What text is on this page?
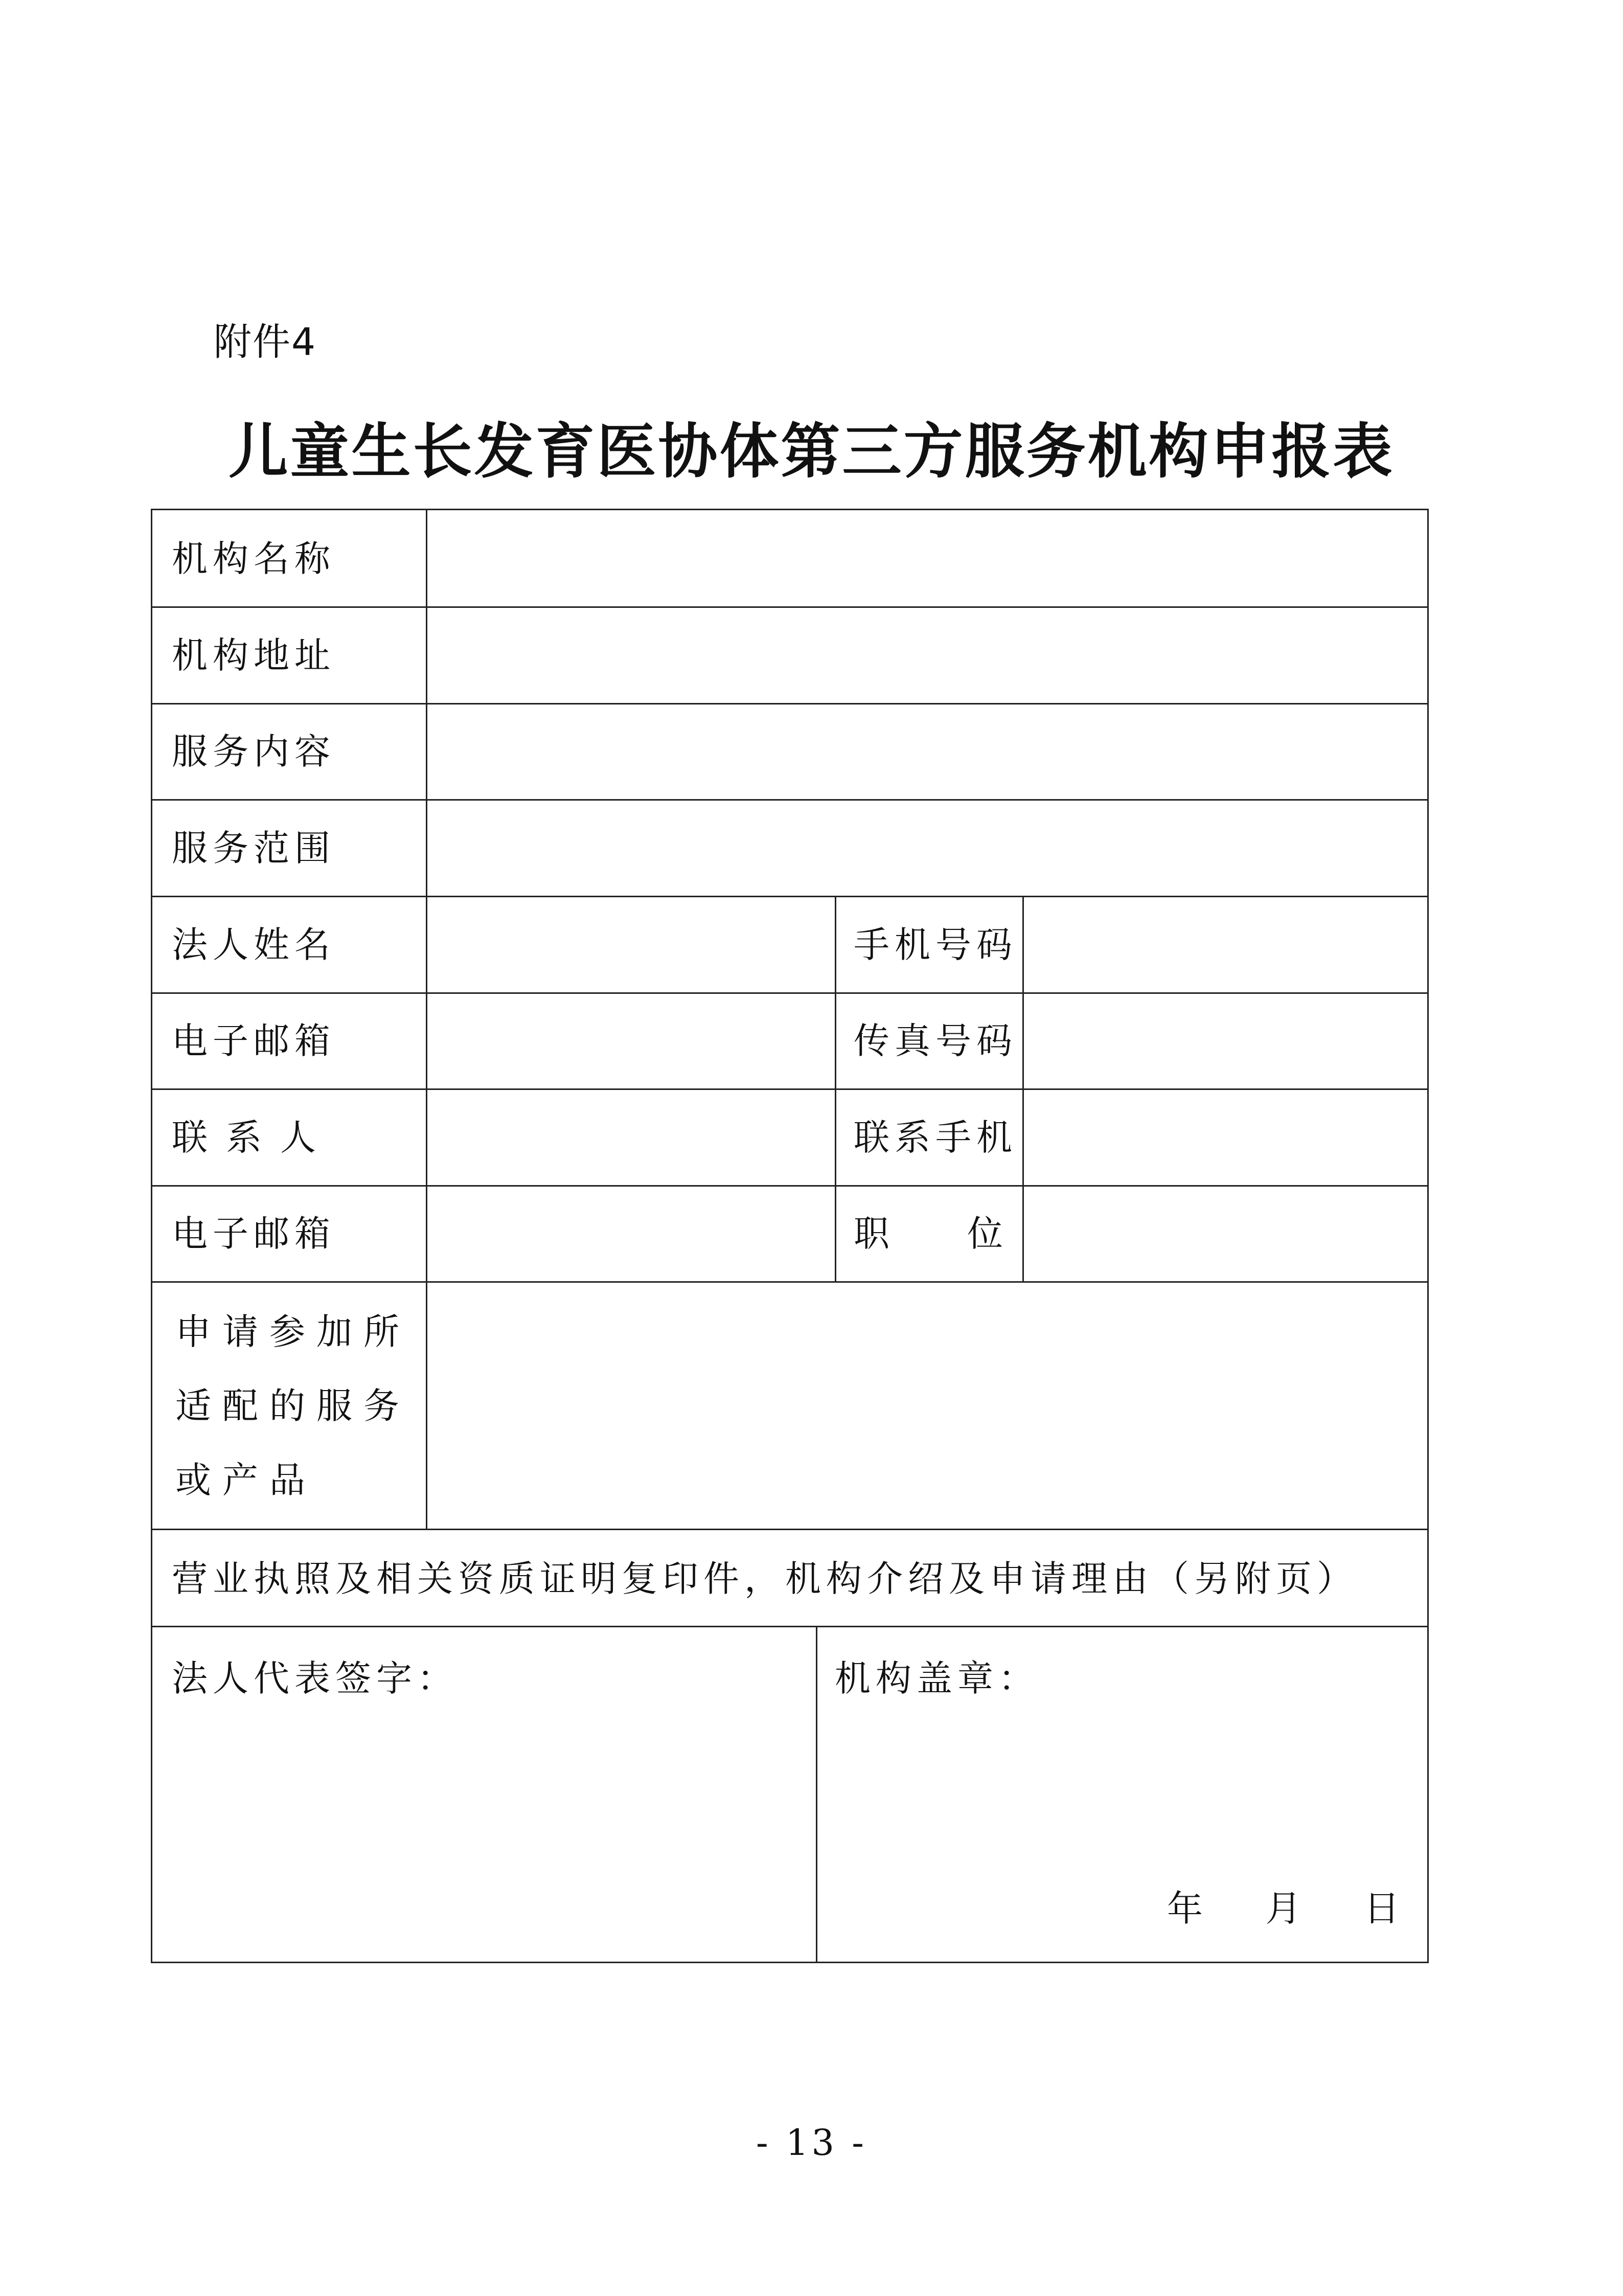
附件4
儿童生长发育医协体第三方服务机构申报表
机构名称
机构地址
服务内容
服务范围
法人姓名	手机号码
电子邮箱	传真号码
联 系 人	联系手机
电子邮箱	职 位
申请参加所适配的服务或产品
营业执照及相关资质证明复印件，机构介绍及申请理由（另附页）
法人代表签字：	机构盖章：
年 月 日
- 13 -
